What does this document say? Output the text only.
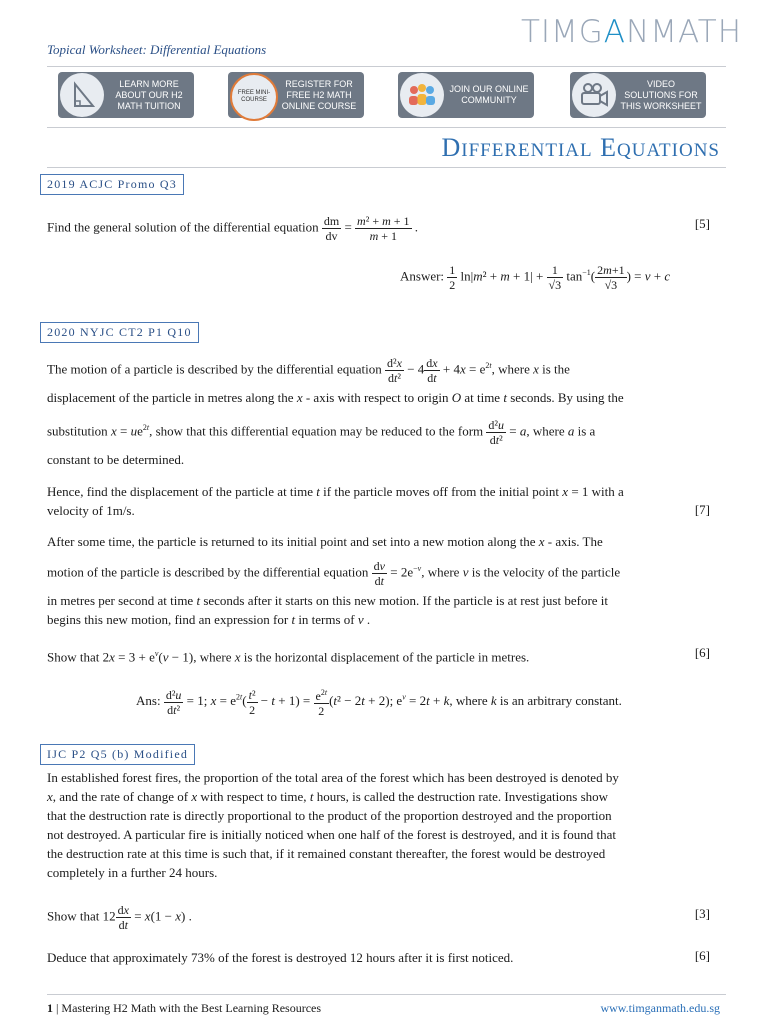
Topical Worksheet: Differential Equations	TIMGANMATH
LEARN MORE ABOUT OUR H2 MATH TUITION
FREE MINI-COURSE
REGISTER FOR FREE H2 MATH ONLINE COURSE
JOIN OUR ONLINE COMMUNITY
VIDEO SOLUTIONS FOR THIS WORKSHEET
DIFFERENTIAL EQUATIONS
2019 ACJC Promo Q3
Find the general solution of the differential equation $\frac{dm}{dv} = \frac{\text{m² + m + 1}}{m + 1}$ .	[5]
Answer: $\frac{1}{2} \ln|m^2 + m + 1| + \frac{1}{√3} \tan^{-1}( \frac{2m+1}{√3}$ ) = v + c
2020 NYJC CT2 P1 Q10
The motion of a particle is described by the differential equation $\frac{\text{d²x}}{\text{dt²}} - 4 \frac{dx}{dt} + 4x = e^{2t}$, where x is the
displacement of the particle in metres along the x - axis with respect to origin O at time t seconds. By using the
substitution $x = ue^{2t}$, show that this differential equation may be reduced to the form $\frac{\text{d²u}}{\text{dt²}} = a$, where a is a
constant to be determined.
Hence, find the displacement of the particle at time t if the particle moves off from the initial point x = 1 with a
velocity of 1m/s.	[7]
After some time, the particle is returned to its initial point and set into a new motion along the x - axis. The
motion of the particle is described by the differential equation $\frac{dv}{dt} = 2e^{-v}$, where v is the velocity of the particle
in metres per second at time t seconds after it starts on this new motion. If the particle is at rest just before it
begins this new motion, find an expression for t in terms of v .
Show that $2x = 3 + e^v(v - 1)$, where x is the horizontal displacement of the particle in metres.	[6]
Ans: $\frac{\text{d²u}}{\text{dt²}} = 1$; $x = e^{2t}( \frac{\text{t²}}{2} - t + 1) = \frac{e^{2t}}{2} (t^2 - 2t + 2)$; $e^v = 2t + k$, where k is an arbitrary constant.
IJC P2 Q5 (b) Modified
In established forest fires, the proportion of the total area of the forest which has been destroyed is denoted by
x, and the rate of change of x with respect to time, t hours, is called the destruction rate. Investigations show
that the destruction rate is directly proportional to the product of the proportion destroyed and the proportion
not destroyed. A particular fire is initially noticed when one half of the forest is destroyed, and it is found that
the destruction rate at this time is such that, if it remained constant thereafter, the forest would be destroyed
completely in a further 24 hours.
Show that $12 \frac{dx}{dt} = x(1 - x)$ .	[3]
Deduce that approximately 73% of the forest is destroyed 12 hours after it is first noticed.	[6]
1 | Mastering H2 Math with the Best Learning Resources	www.timganmath.edu.sg
